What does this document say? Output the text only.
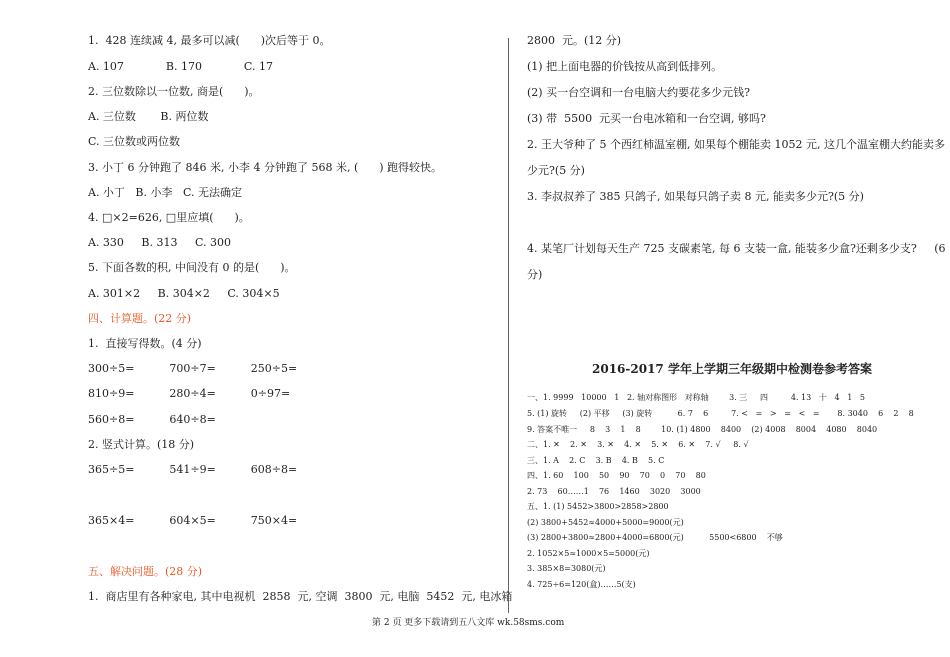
1.  428 连续减 4, 最多可以减(      )次后等于 0。
A. 107            B. 170            C. 17
2. 三位数除以一位数, 商是(      )。
A. 三位数       B. 两位数
C. 三位数或两位数
3. 小丁 6 分钟跑了 846 米, 小李 4 分钟跑了 568 米, (      ) 跑得较快。
A. 小丁   B. 小李   C. 无法确定
4. □×2=626, □里应填(      )。
A. 330     B. 313     C. 300
5. 下面各数的积, 中间没有 0 的是(      )。
A. 301×2     B. 304×2     C. 304×5
四、计算题。(22 分)
1.  直接写得数。(4 分)
300÷5=          700÷7=          250÷5=
810÷9=          280÷4=          0÷97=
560÷8=          640÷8=
2. 竖式计算。(18 分)
365÷5=          541÷9=          608÷8=
365×4=          604×5=          750×4=
五、解决问题。(28 分)
1.  商店里有各种家电, 其中电视机  2858  元, 空调  3800  元, 电脑  5452  元, 电冰箱
2800  元。(12 分)
(1) 把上面电器的价钱按从高到低排列。
(2) 买一台空调和一台电脑大约要花多少元钱?
(3) 带  5500  元买一台电冰箱和一台空调, 够吗?
2. 王大爷种了 5 个西红柿温室棚, 如果每个棚能卖 1052 元, 这几个温室棚大约能卖多
少元?(5 分)
3. 李叔叔养了 385 只鸽子, 如果每只鸽子卖 8 元, 能卖多少元?(5 分)
4. 某笔厂计划每天生产 725 支碳素笔, 每 6 支装一盒, 能装多少盒?还剩多少支?     (6
分)
2016-2017 学年上学期三年级期中检测卷参考答案
一、1. 9999   10000   1   2. 轴对称图形   对称轴        3. 三     四         4. 13   十   4   1   5
5. (1) 旋转     (2) 平移     (3) 旋转          6. 7    6         7. <   =   >   =   <   =       8. 3040    6    2    8
9. 答案不唯一     8    3    1    8        10. (1) 4800    8400    (2) 4008    8004    4080    8040
二、1. ✕    2. ✕    3. ✕    4. ✕    5. ✕    6. ✕    7. √     8. √
三、1. A    2. C    3. B    4. B    5. C
四、1. 60    100    50    90    70    0    70    80
2. 73    60……1    76    1460    3020    3000
五、1. (1) 5452>3800>2858>2800
(2) 3800+5452≈4000+5000=9000(元)
(3) 2800+3800≈2800+4000=6800(元)          5500<6800    不够
2. 1052×5≈1000×5=5000(元)
3. 385×8=3080(元)
4. 725÷6=120(盒)……5(支)
第 2 页 更多下载请到五八文库 wk.58sms.com
